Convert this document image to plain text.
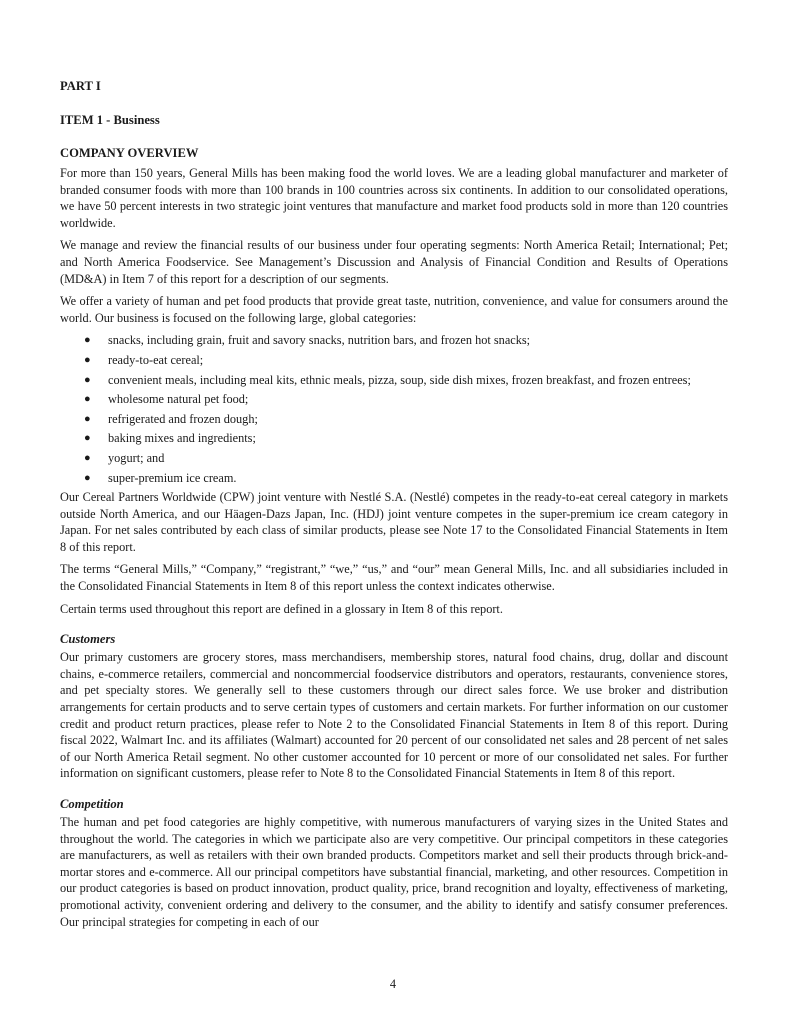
PART I
ITEM 1 - Business
COMPANY OVERVIEW

For more than 150 years, General Mills has been making food the world loves. We are a leading global manufacturer and marketer of branded consumer foods with more than 100 brands in 100 countries across six continents. In addition to our consolidated operations, we have 50 percent interests in two strategic joint ventures that manufacture and market food products sold in more than 120 countries worldwide.

We manage and review the financial results of our business under four operating segments: North America Retail; International; Pet; and North America Foodservice. See Management’s Discussion and Analysis of Financial Condition and Results of Operations (MD&A) in Item 7 of this report for a description of our segments.

We offer a variety of human and pet food products that provide great taste, nutrition, convenience, and value for consumers around the world. Our business is focused on the following large, global categories:

● snacks, including grain, fruit and savory snacks, nutrition bars, and frozen hot snacks;
● ready-to-eat cereal;
● convenient meals, including meal kits, ethnic meals, pizza, soup, side dish mixes, frozen breakfast, and frozen entrees;
● wholesome natural pet food;
● refrigerated and frozen dough;
● baking mixes and ingredients;
● yogurt; and
● super-premium ice cream.

Our Cereal Partners Worldwide (CPW) joint venture with Nestlé S.A. (Nestlé) competes in the ready-to-eat cereal category in markets outside North America, and our Häagen-Dazs Japan, Inc. (HDJ) joint venture competes in the super-premium ice cream category in Japan. For net sales contributed by each class of similar products, please see Note 17 to the Consolidated Financial Statements in Item 8 of this report.

The terms “General Mills,” “Company,” “registrant,” “we,” “us,” and “our” mean General Mills, Inc. and all subsidiaries included in the Consolidated Financial Statements in Item 8 of this report unless the context indicates otherwise.

Certain terms used throughout this report are defined in a glossary in Item 8 of this report.

Customers

Our primary customers are grocery stores, mass merchandisers, membership stores, natural food chains, drug, dollar and discount chains, e-commerce retailers, commercial and noncommercial foodservice distributors and operators, restaurants, convenience stores, and pet specialty stores. We generally sell to these customers through our direct sales force. We use broker and distribution arrangements for certain products and to serve certain types of customers and certain markets. For further information on our customer credit and product return practices, please refer to Note 2 to the Consolidated Financial Statements in Item 8 of this report. During fiscal 2022, Walmart Inc. and its affiliates (Walmart) accounted for 20 percent of our consolidated net sales and 28 percent of net sales of our North America Retail segment. No other customer accounted for 10 percent or more of our consolidated net sales. For further information on significant customers, please refer to Note 8 to the Consolidated Financial Statements in Item 8 of this report.

Competition

The human and pet food categories are highly competitive, with numerous manufacturers of varying sizes in the United States and throughout the world. The categories in which we participate also are very competitive. Our principal competitors in these categories are manufacturers, as well as retailers with their own branded products. Competitors market and sell their products through brick-and-mortar stores and e-commerce. All our principal competitors have substantial financial, marketing, and other resources. Competition in our product categories is based on product innovation, product quality, price, brand recognition and loyalty, effectiveness of marketing, promotional activity, convenient ordering and delivery to the consumer, and the ability to identify and satisfy consumer preferences. Our principal strategies for competing in each of our

4
